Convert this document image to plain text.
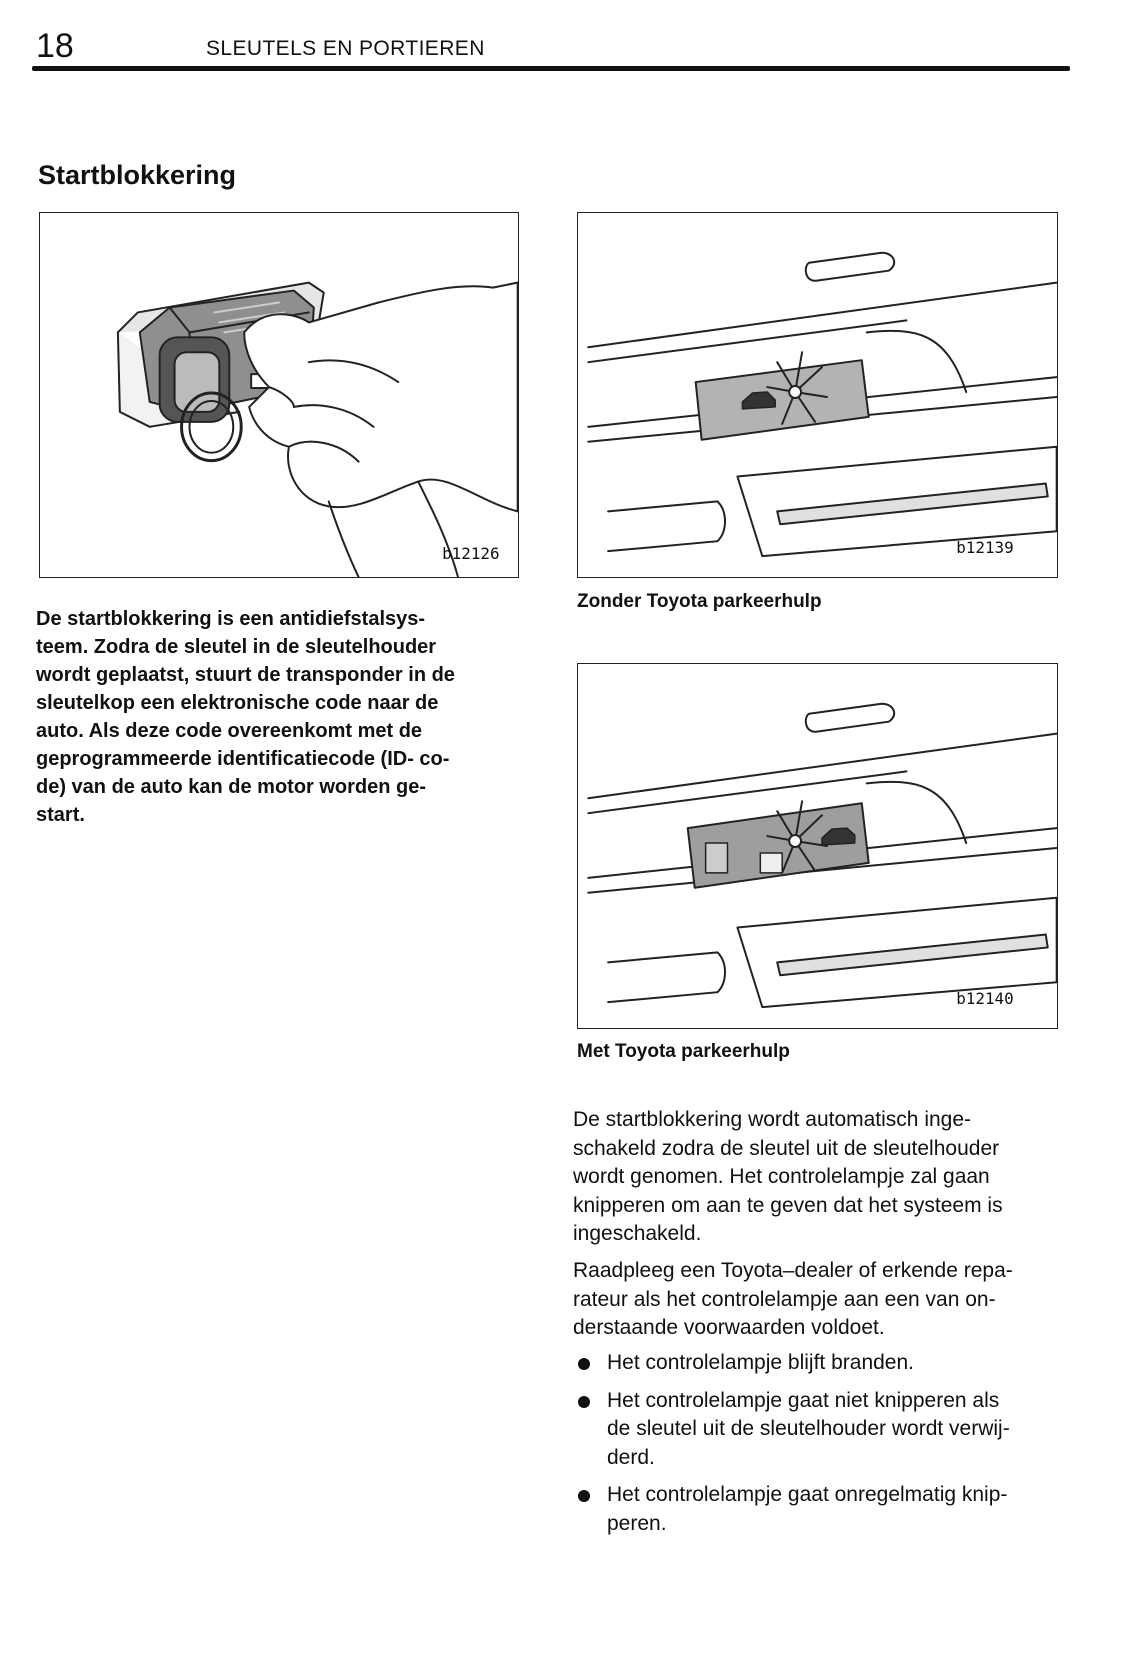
18	SLEUTELS EN PORTIEREN
Startblokkering
b12126	b12139
Zonder Toyota parkeerhulp
b12140
Met Toyota parkeerhulp
De startblokkering is een antidiefstalsys-
teem. Zodra de sleutel in de sleutelhouder
wordt geplaatst, stuurt de transponder in de
sleutelkop een elektronische code naar de
auto. Als deze code overeenkomt met de
geprogrammeerde identificatiecode (ID- co-
de) van de auto kan de motor worden ge-
start.
De startblokkering wordt automatisch inge-
schakeld zodra de sleutel uit de sleutelhouder
wordt genomen. Het controlelampje zal gaan
knipperen om aan te geven dat het systeem is
ingeschakeld.
Raadpleeg een Toyota–dealer of erkende repa-
rateur als het controlelampje aan een van on-
derstaande voorwaarden voldoet.
Het controlelampje blijft branden.
Het controlelampje gaat niet knipperen als
de sleutel uit de sleutelhouder wordt verwij-
derd.
Het controlelampje gaat onregelmatig knip-
peren.
